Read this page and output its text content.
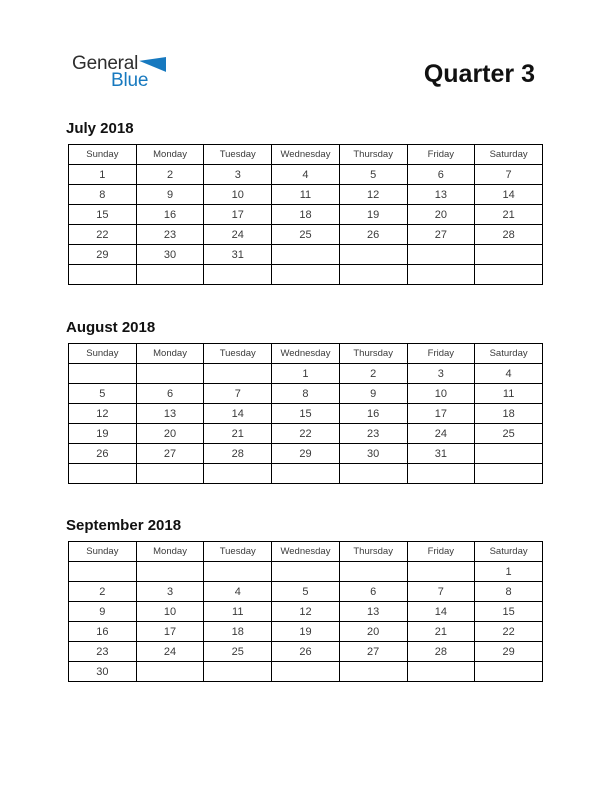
General
Blue	Quarter 3
July 2018
Sunday	Monday	Tuesday	Wednesday	Thursday	Friday	Saturday
1	2	3	4	5	6	7
8	9	10	11	12	13	14
15	16	17	18	19	20	21
22	23	24	25	26	27	28
29	30	31				

August 2018
Sunday	Monday	Tuesday	Wednesday	Thursday	Friday	Saturday
			1	2	3	4
5	6	7	8	9	10	11
12	13	14	15	16	17	18
19	20	21	22	23	24	25
26	27	28	29	30	31	

September 2018
Sunday	Monday	Tuesday	Wednesday	Thursday	Friday	Saturday
						1
2	3	4	5	6	7	8
9	10	11	12	13	14	15
16	17	18	19	20	21	22
23	24	25	26	27	28	29
30						
